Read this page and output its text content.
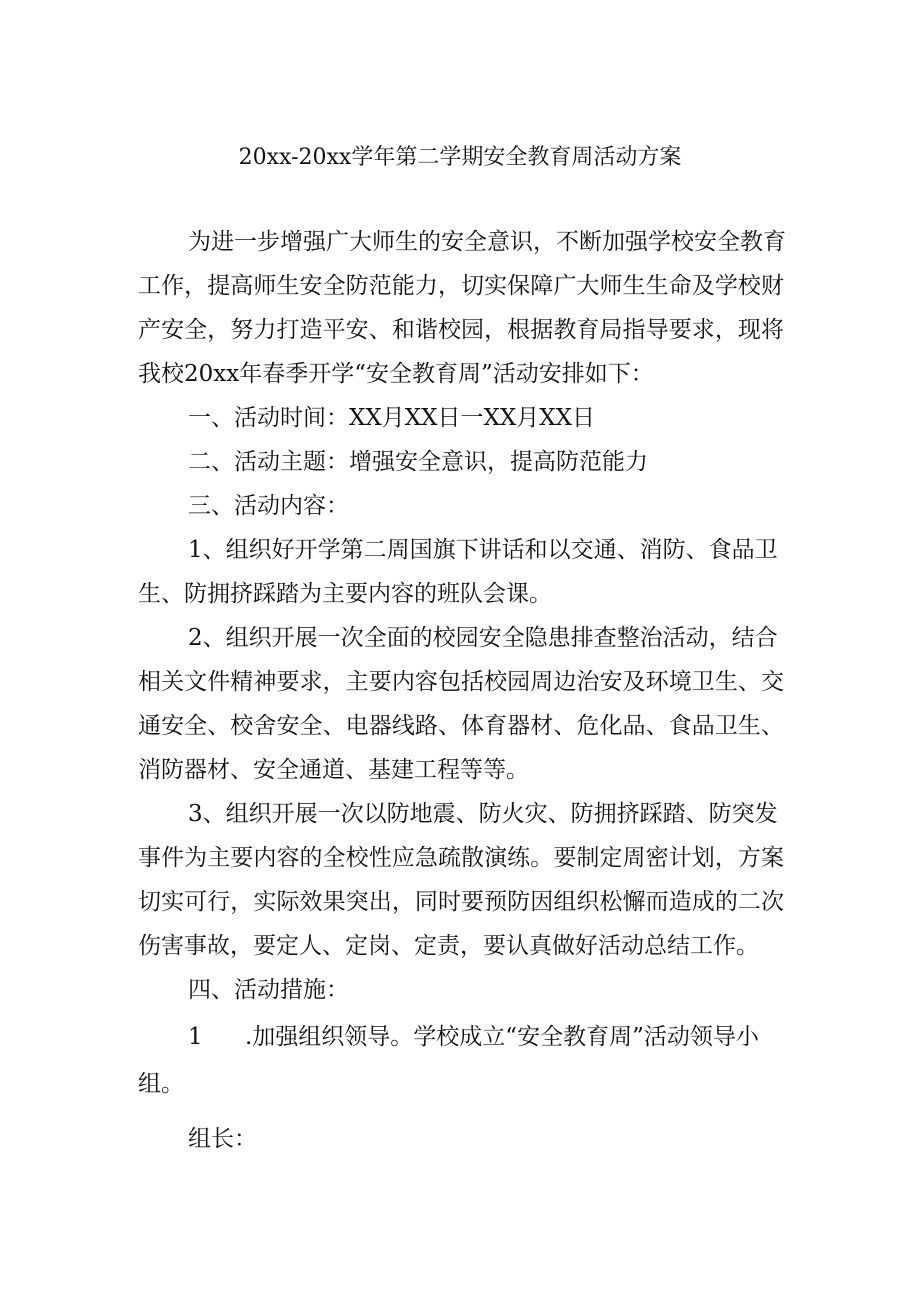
20xx-20xx学年第二学期安全教育周活动方案
为进一步增强广大师生的安全意识，不断加强学校安全教育
工作，提高师生安全防范能力，切实保障广大师生生命及学校财
产安全，努力打造平安、和谐校园，根据教育局指导要求，现将
我校20xx年春季开学“安全教育周”活动安排如下：
一、活动时间：XX月XX日一XX月XX日
二、活动主题：增强安全意识，提高防范能力
三、活动内容：
1、组织好开学第二周国旗下讲话和以交通、消防、食品卫
生、防拥挤踩踏为主要内容的班队会课。
2、组织开展一次全面的校园安全隐患排查整治活动，结合
相关文件精神要求，主要内容包括校园周边治安及环境卫生、交
通安全、校舍安全、电器线路、体育器材、危化品、食品卫生、
消防器材、安全通道、基建工程等等。
3、组织开展一次以防地震、防火灾、防拥挤踩踏、防突发
事件为主要内容的全校性应急疏散演练。要制定周密计划，方案
切实可行，实际效果突出，同时要预防因组织松懈而造成的二次
伤害事故，要定人、定岗、定责，要认真做好活动总结工作。
四、活动措施：
1 .加强组织领导。学校成立“安全教育周”活动领导小
组。
组长：
